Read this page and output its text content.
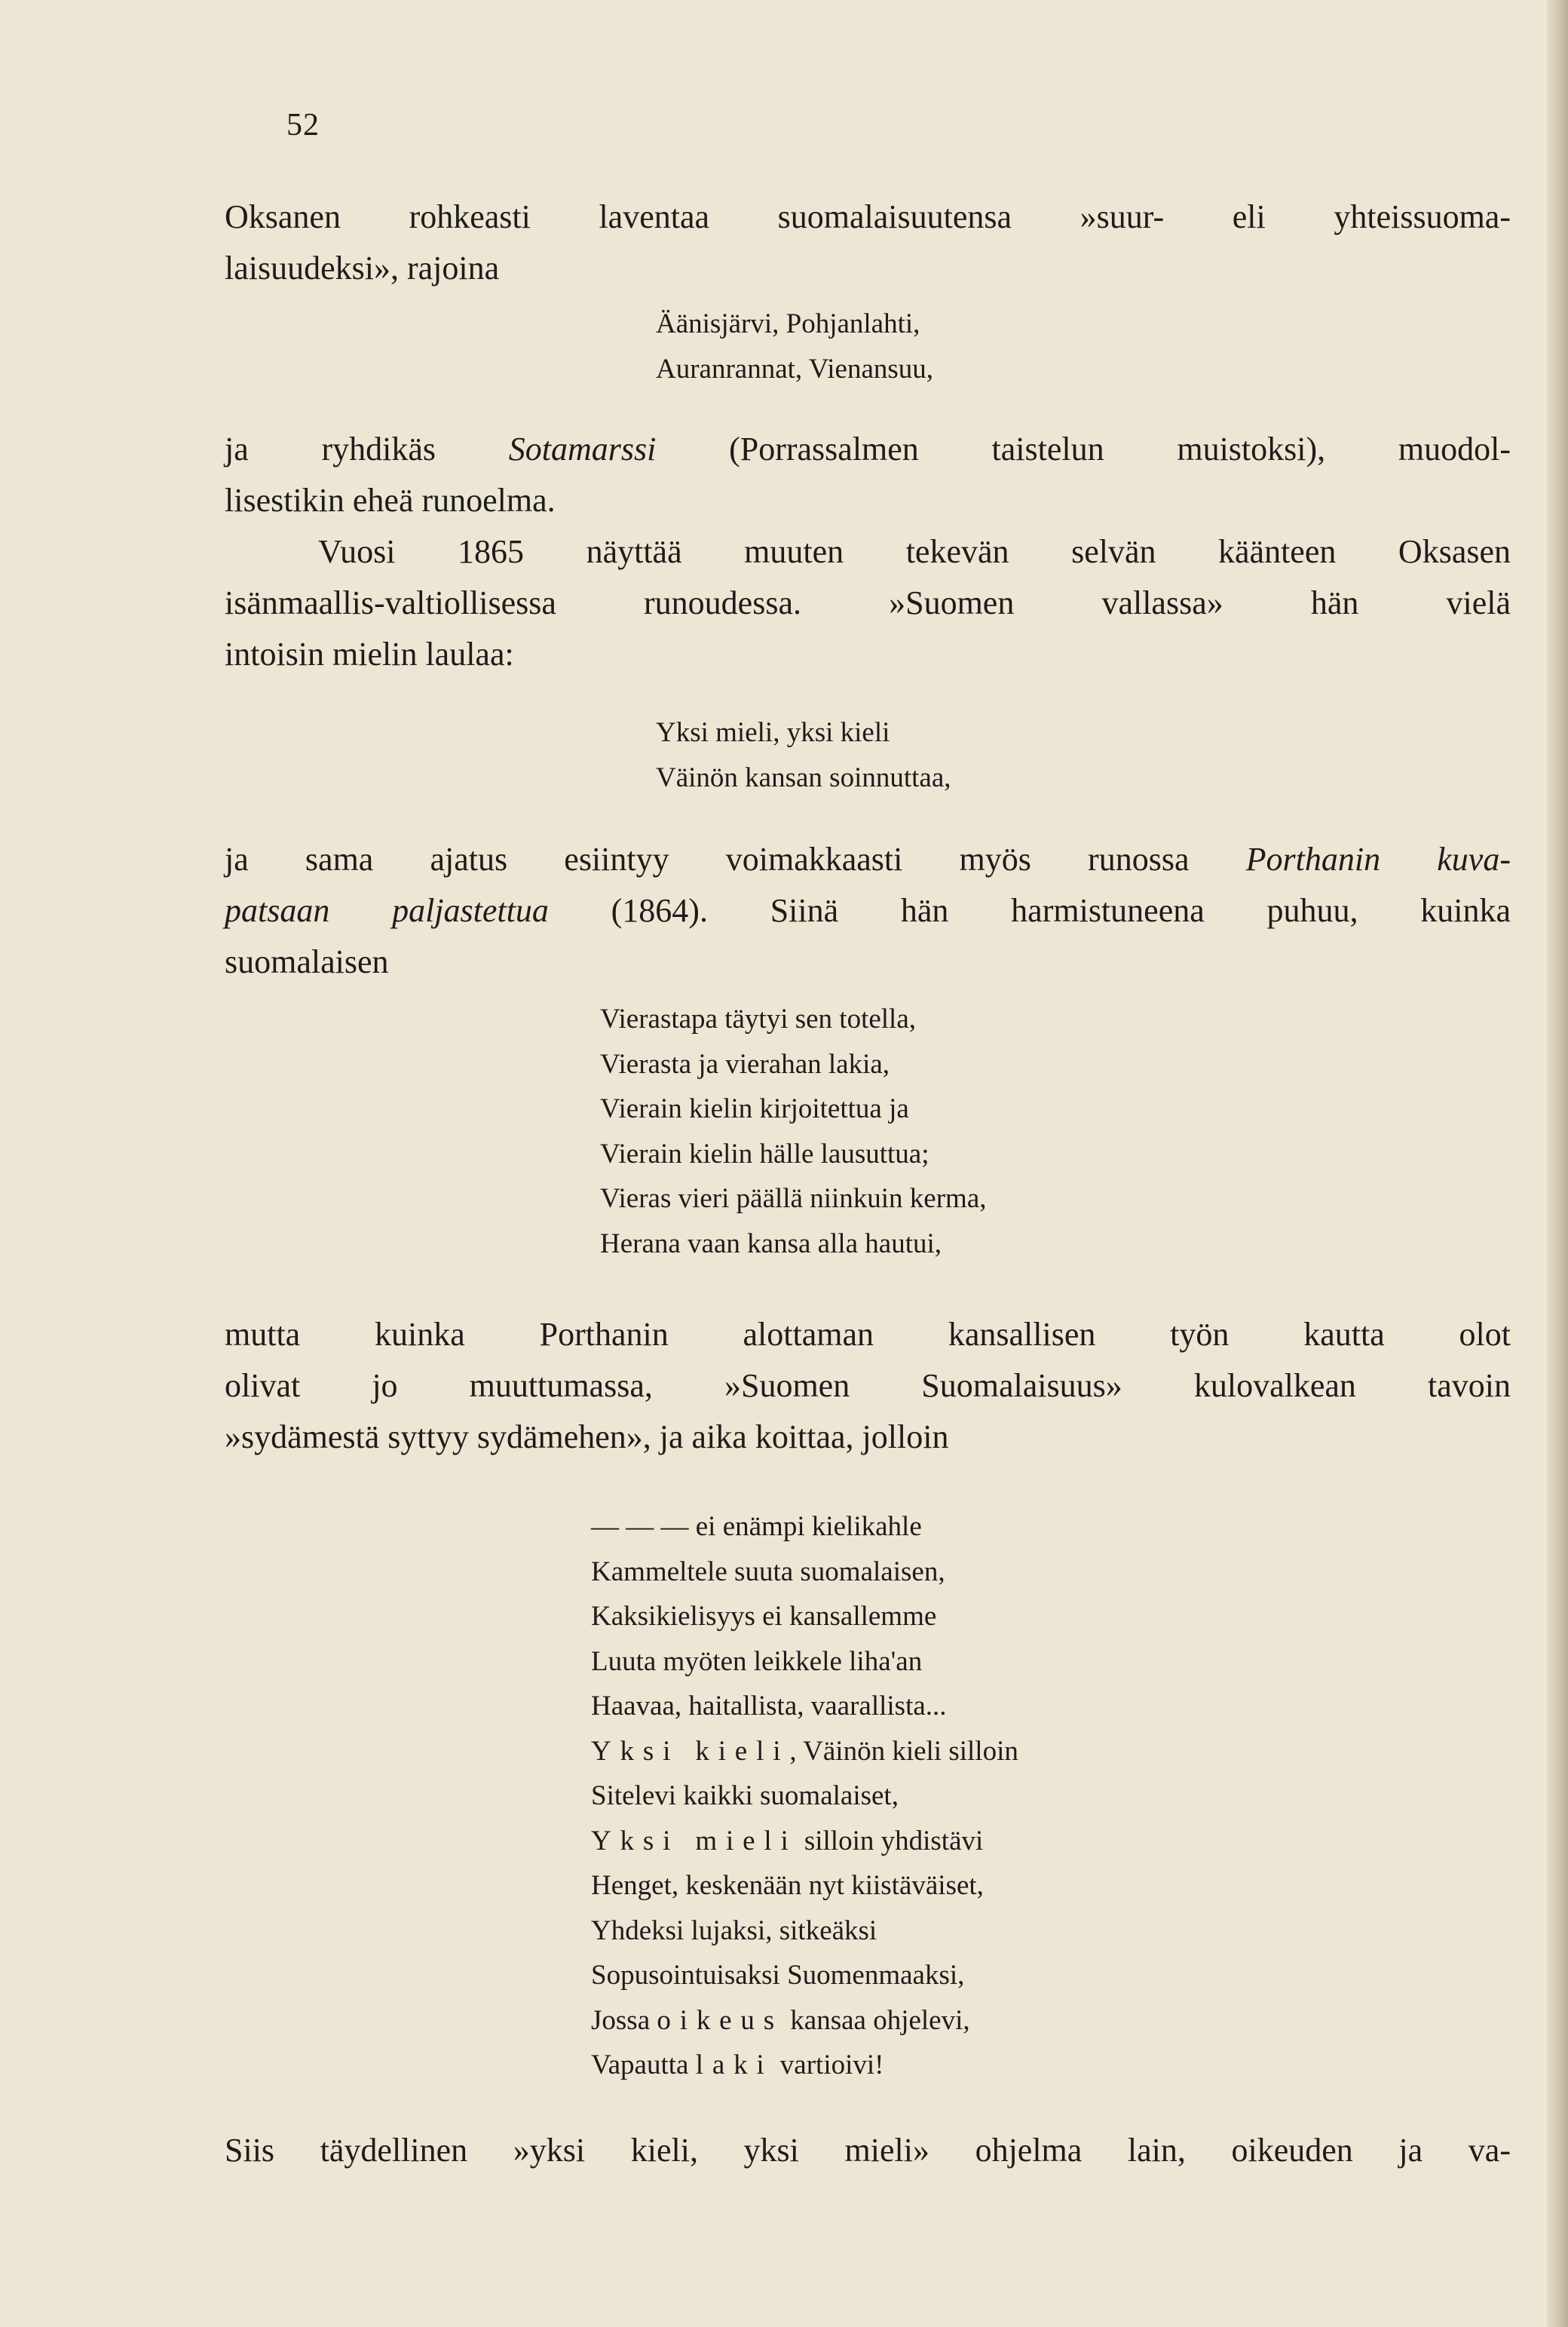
52
Oksanen rohkeasti laventaa suomalaisuutensa »suur- eli yhteissuoma-
laisuudeksi», rajoina
Äänisjärvi, Pohjanlahti,
Auranrannat, Vienansuu,
ja ryhdikäs Sotamarssi (Porrassalmen taistelun muistoksi), muodol-
lisestikin eheä runoelma.
Vuosi 1865 näyttää muuten tekevän selvän käänteen Oksasen
isänmaallis-valtiollisessa runoudessa. »Suomen vallassa» hän vielä
intoisin mielin laulaa:
Yksi mieli, yksi kieli
Väinön kansan soinnuttaa,
ja sama ajatus esiintyy voimakkaasti myös runossa Porthanin kuva-
patsaan paljastettua (1864). Siinä hän harmistuneena puhuu, kuinka
suomalaisen
Vierastapa täytyi sen totella,
Vierasta ja vierahan lakia,
Vierain kielin kirjoitettua ja
Vierain kielin hälle lausuttua;
Vieras vieri päällä niinkuin kerma,
Herana vaan kansa alla hautui,
mutta kuinka Porthanin alottaman kansallisen työn kautta olot
olivat jo muuttumassa, »Suomen Suomalaisuus» kulovalkean tavoin
»sydämestä syttyy sydämehen», ja aika koittaa, jolloin
— — — ei enämpi kielikahle
Kammeltele suuta suomalaisen,
Kaksikielisyys ei kansallemme
Luuta myöten leikkele liha'an
Haavaa, haitallista, vaarallista...
Yksi kieli, Väinön kieli silloin
Sitelevi kaikki suomalaiset,
Yksi mieli silloin yhdistävi
Henget, keskenään nyt kiistäväiset,
Yhdeksi lujaksi, sitkeäksi
Sopusointuisaksi Suomenmaaksi,
Jossa oikeus kansaa ohjelevi,
Vapautta laki vartioivi!
Siis täydellinen »yksi kieli, yksi mieli» ohjelma lain, oikeuden ja va-
